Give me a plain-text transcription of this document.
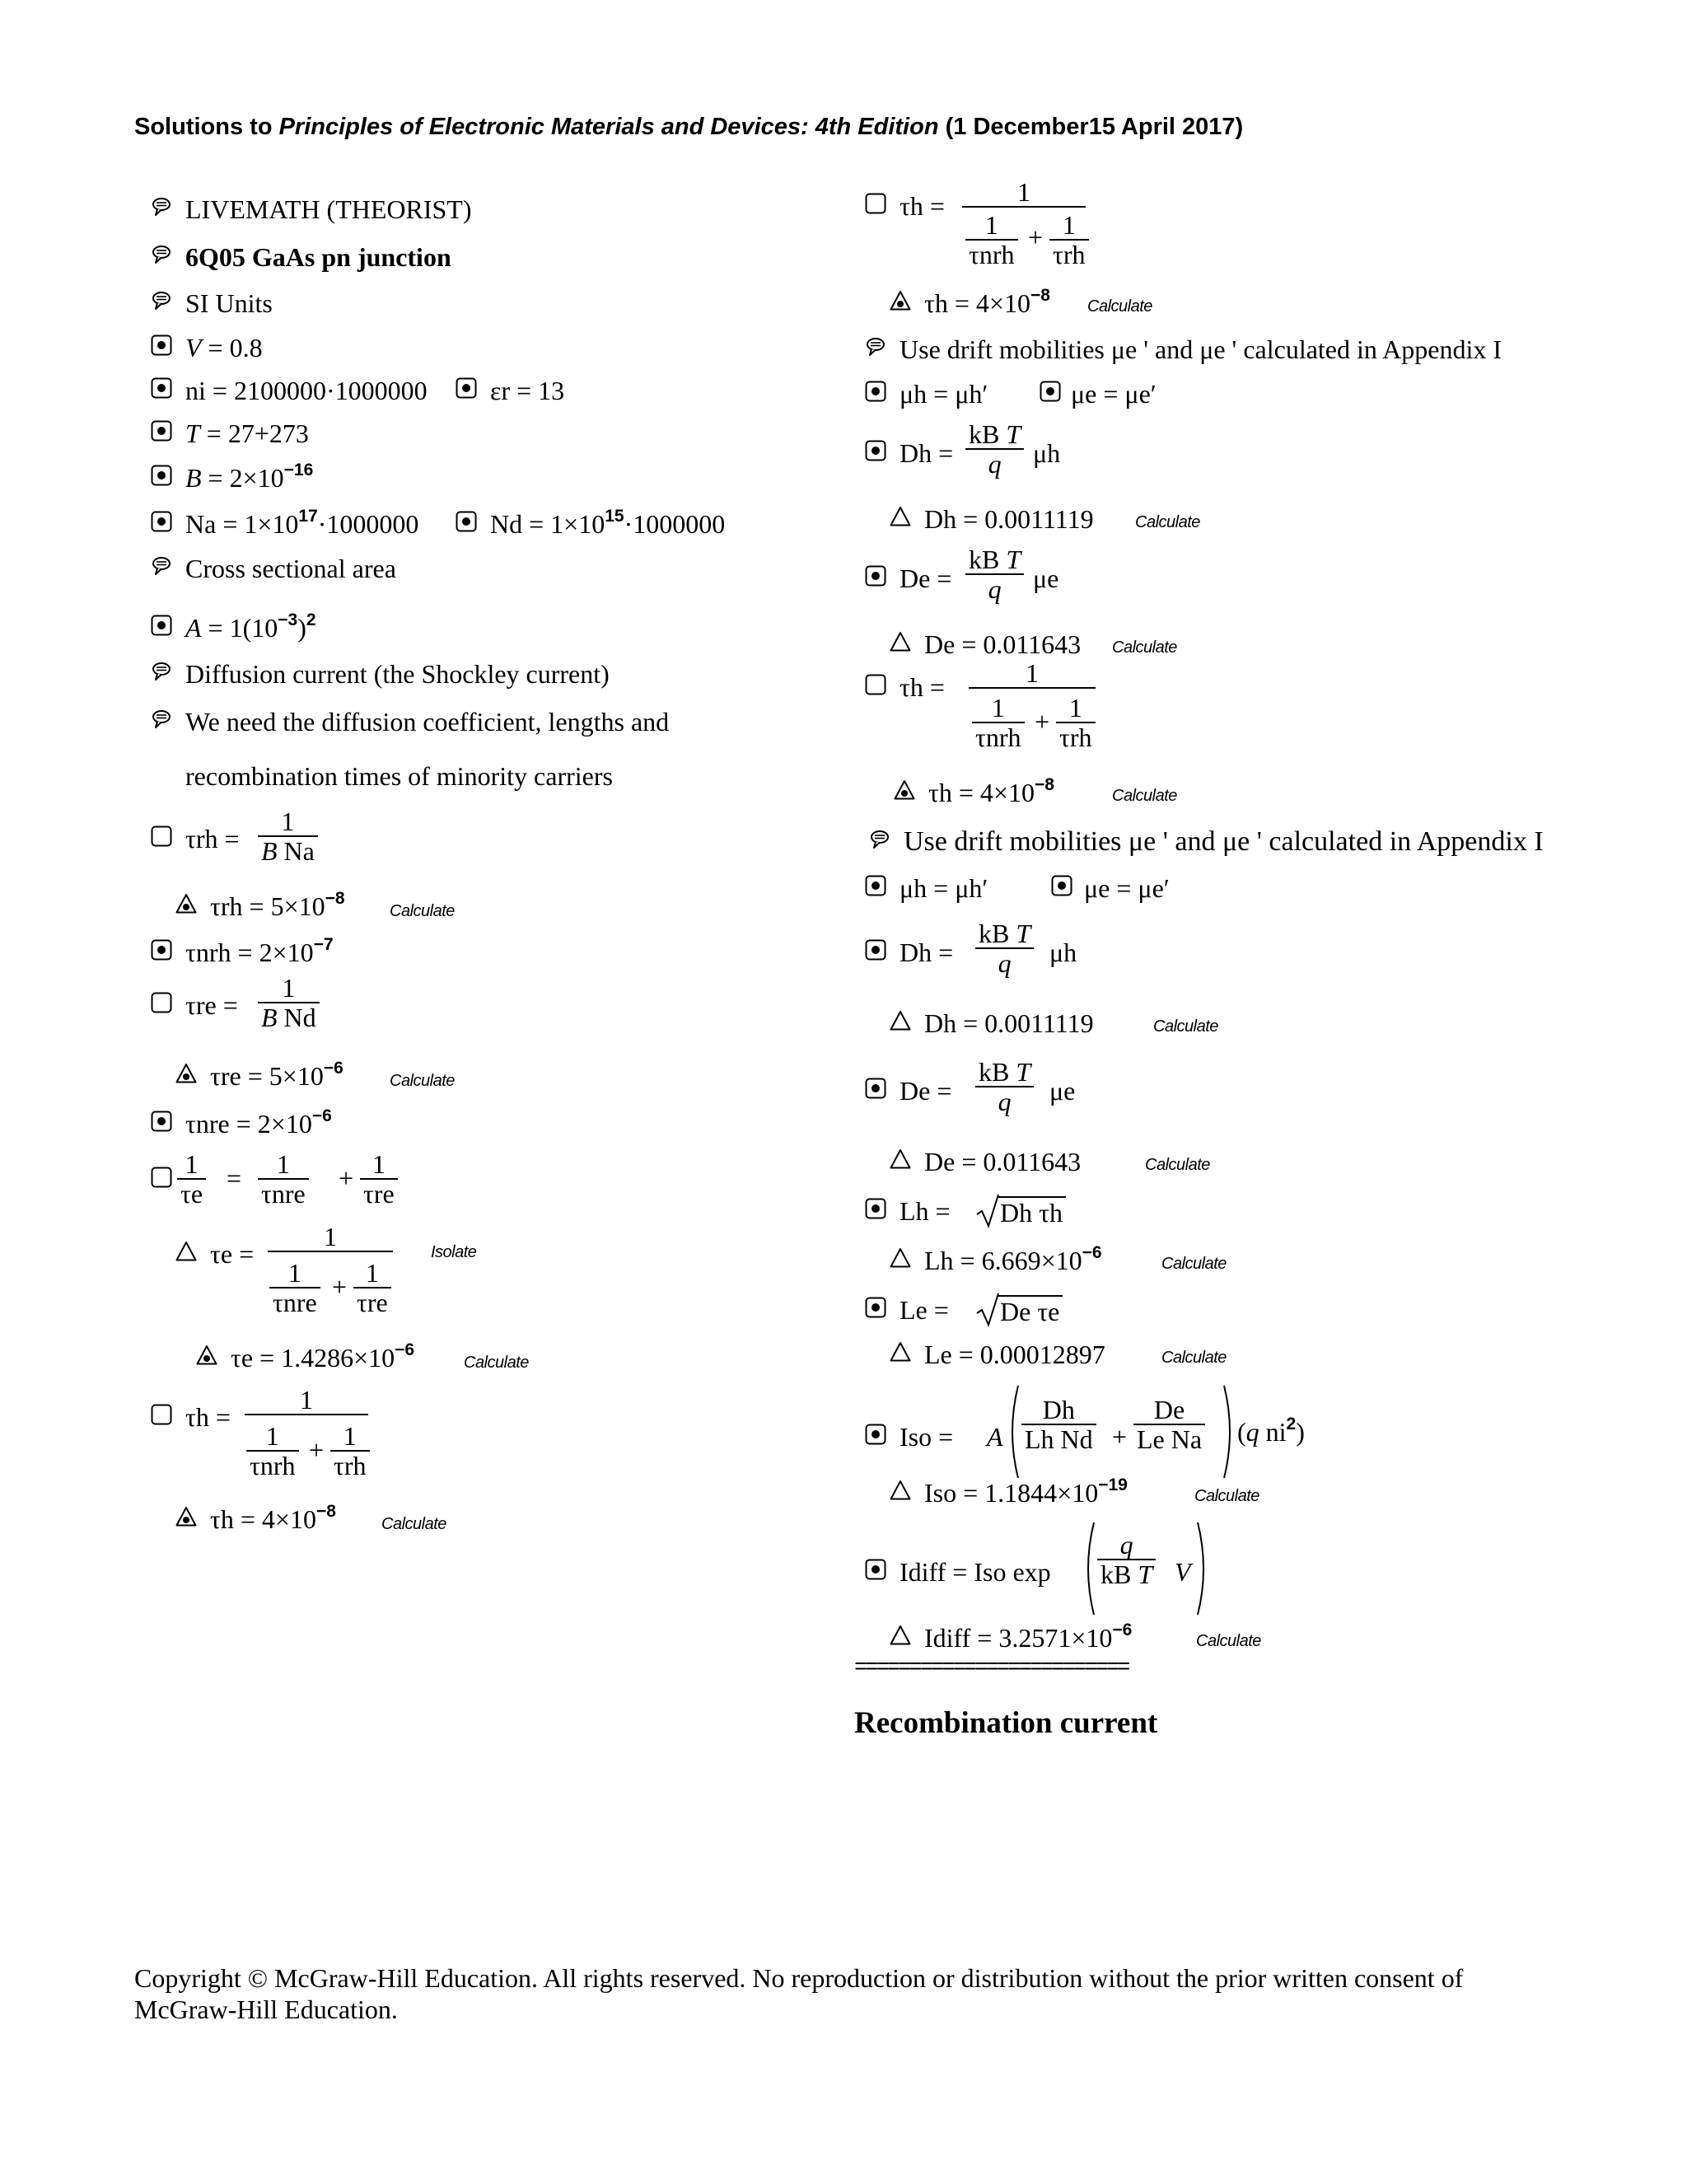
Solutions to Principles of Electronic Materials and Devices: 4th Edition (1 December15 April 2017)
LIVEMATH (THEORIST)
6Q05 GaAs pn junction
SI Units
V = 0.8
ni = 2100000·1000000 εr = 13
T = 27+273
$B = 2\times 10^{-16}$
$Na = 1\times 10^{17}\cdot 1000000$	$Nd = 1\times 10^{15}\cdot 1000000$
Cross sectional area
$A = 1(10^{-3})^2$
Diffusion current (the Shockley current)
We need the diffusion coefficient, lengths and
recombination times of minority carriers
$\tau rh = \frac{1}{\text{B Na}}$
$\tau rh = 5\times 10^{-8}$
Calculate
$\tau nrh = 2\times 10^{-7}$
$\tau re = \frac{1}{\text{B Nd}}$
$\tau re = 5\times 10^{-6}$
Calculate
$\tau nre = 2\times 10^{-6}$
$\frac{1}{\tau e}$ =	1
τnre
+ 1
τre
τe =
1
1
τnre
+ 1
τre
Isolate
$\tau e = 1.4286\times 10^{-6}$
Calculate
τh =
1
1
τnrh
+ 1
τrh
$\tau h = 4\times 10^{-8}$
Calculate
τh =	1
1
τnrh
+ 1
τrh
$\tau h = 4\times 10^{-8}$
Calculate
Use drift mobilities μe ' and μe ' calculated in Appendix I
μh = μh′	μe = μe′
$Dh = \frac{\text{kB T}}{q}$ μh
Dh = 0.0011119	Calculate
$De = \frac{\text{kB T}}{q}$ μe
De = 0.011643 Calculate
τh =	1
1
τnrh
+ 1
τrh
$\tau h = 4\times 10^{-8}$
Calculate
Use drift mobilities μe ' and μe ' calculated in Appendix I
μh = μh′	μe = μe′
$Dh = \frac{\text{kB T}}{q}$ μh
Dh = 0.0011119	Calculate
$De = \frac{\text{kB T}}{q}$ μe
De = 0.011643	Calculate
Lh = Dh τh
$Lh = 6.669\times 10^{-6}$
Calculate
Le = De τe
Le = 0.00012897	Calculate
Iso = A $\frac{Dh}{\text{Lh Nd}} + \frac{De}{\text{Le Na}} (q$ $ni^2$)
Iso = $1.1844\times 10^{-19}$
Calculate
Idiff = Iso $\exp \frac{q}{\text{kB T}}$ V
Idiff = $3.2571\times 10^{-6}$
Calculate
=========================
Recombination current
Copyright © McGraw-Hill Education. All rights reserved. No reproduction or distribution without the prior written consent of McGraw-Hill Education.
